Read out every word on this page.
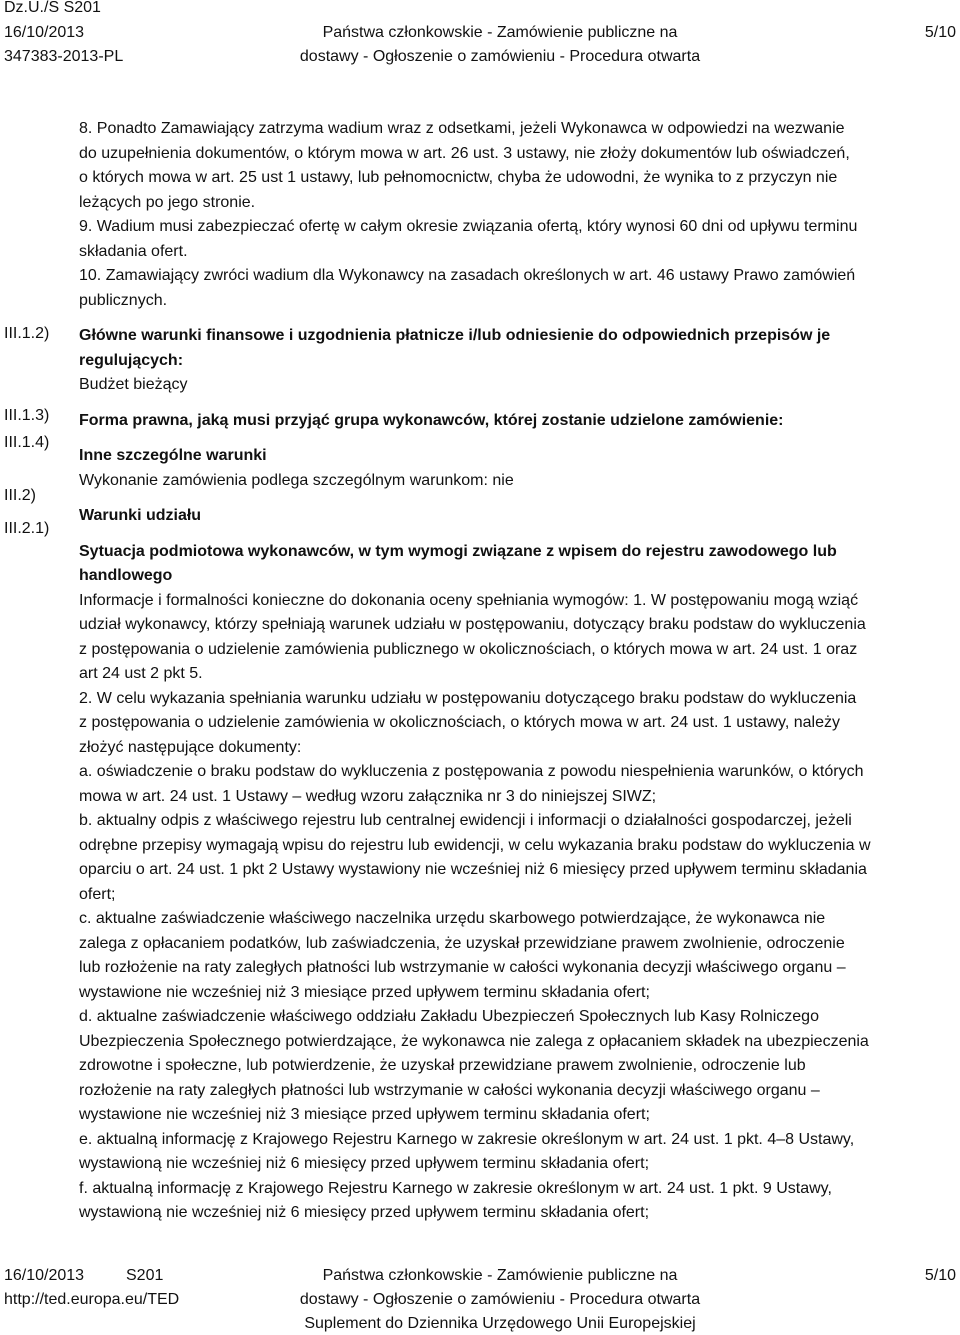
Dz.U./S S201
16/10/2013
347383-2013-PL
Państwa członkowskie - Zamówienie publiczne na
dostawy - Ogłoszenie o zamówieniu - Procedura otwarta
5/10
III.1.2)
III.1.3)
III.1.4)
III.2)
III.2.1)

8. Ponadto Zamawiający zatrzyma wadium wraz z odsetkami, jeżeli Wykonawca w odpowiedzi na wezwanie
do uzupełnienia dokumentów, o którym mowa w art. 26 ust. 3 ustawy, nie złoży dokumentów lub oświadczeń,
o których mowa w art. 25 ust 1 ustawy, lub pełnomocnictw, chyba że udowodni, że wynika to z przyczyn nie
leżących po jego stronie.

9. Wadium musi zabezpieczać ofertę w całym okresie związania ofertą, który wynosi 60 dni od upływu terminu
składania ofert.

10. Zamawiający zwróci wadium dla Wykonawcy na zasadach określonych w art. 46 ustawy Prawo zamówień
publicznych.

Główne warunki finansowe i uzgodnienia płatnicze i/lub odniesienie do odpowiednich przepisów je
regulujących:

Budżet bieżący

Forma prawna, jaką musi przyjąć grupa wykonawców, której zostanie udzielone zamówienie:

Inne szczególne warunki

Wykonanie zamówienia podlega szczególnym warunkom: nie

Warunki udziału

Sytuacja podmiotowa wykonawców, w tym wymogi związane z wpisem do rejestru zawodowego lub
handlowego

Informacje i formalności konieczne do dokonania oceny spełniania wymogów: 1. W postępowaniu mogą wziąć
udział wykonawcy, którzy spełniają warunek udziału w postępowaniu, dotyczący braku podstaw do wykluczenia
z postępowania o udzielenie zamówienia publicznego w okolicznościach, o których mowa w art. 24 ust. 1 oraz
art 24 ust 2 pkt 5.
2. W celu wykazania spełniania warunku udziału w postępowaniu dotyczącego braku podstaw do wykluczenia
z postępowania o udzielenie zamówienia w okolicznościach, o których mowa w art. 24 ust. 1 ustawy, należy
złożyć następujące dokumenty:
a. oświadczenie o braku podstaw do wykluczenia z postępowania z powodu niespełnienia warunków, o których
mowa w art. 24 ust. 1 Ustawy – według wzoru załącznika nr 3 do niniejszej SIWZ;
b. aktualny odpis z właściwego rejestru lub centralnej ewidencji i informacji o działalności gospodarczej, jeżeli
odrębne przepisy wymagają wpisu do rejestru lub ewidencji, w celu wykazania braku podstaw do wykluczenia w
oparciu o art. 24 ust. 1 pkt 2 Ustawy wystawiony nie wcześniej niż 6 miesięcy przed upływem terminu składania
ofert;
c. aktualne zaświadczenie właściwego naczelnika urzędu skarbowego potwierdzające, że wykonawca nie
zalega z opłacaniem podatków, lub zaświadczenia, że uzyskał przewidziane prawem zwolnienie, odroczenie
lub rozłożenie na raty zaległych płatności lub wstrzymanie w całości wykonania decyzji właściwego organu –
wystawione nie wcześniej niż 3 miesiące przed upływem terminu składania ofert;
d. aktualne zaświadczenie właściwego oddziału Zakładu Ubezpieczeń Społecznych lub Kasy Rolniczego
Ubezpieczenia Społecznego potwierdzające, że wykonawca nie zalega z opłacaniem składek na ubezpieczenia
zdrowotne i społeczne, lub potwierdzenie, że uzyskał przewidziane prawem zwolnienie, odroczenie lub
rozłożenie na raty zaległych płatności lub wstrzymanie w całości wykonania decyzji właściwego organu –
wystawione nie wcześniej niż 3 miesiące przed upływem terminu składania ofert;
e. aktualną informację z Krajowego Rejestru Karnego w zakresie określonym w art. 24 ust. 1 pkt. 4–8 Ustawy,
wystawioną nie wcześniej niż 6 miesięcy przed upływem terminu składania ofert;
f. aktualną informację z Krajowego Rejestru Karnego w zakresie określonym w art. 24 ust. 1 pkt. 9 Ustawy,
wystawioną nie wcześniej niż 6 miesięcy przed upływem terminu składania ofert;
16/10/2013	S201
http://ted.europa.eu/TED
Państwa członkowskie - Zamówienie publiczne na
dostawy - Ogłoszenie o zamówieniu - Procedura otwarta
Suplement do Dziennika Urzędowego Unii Europejskiej
5/10
